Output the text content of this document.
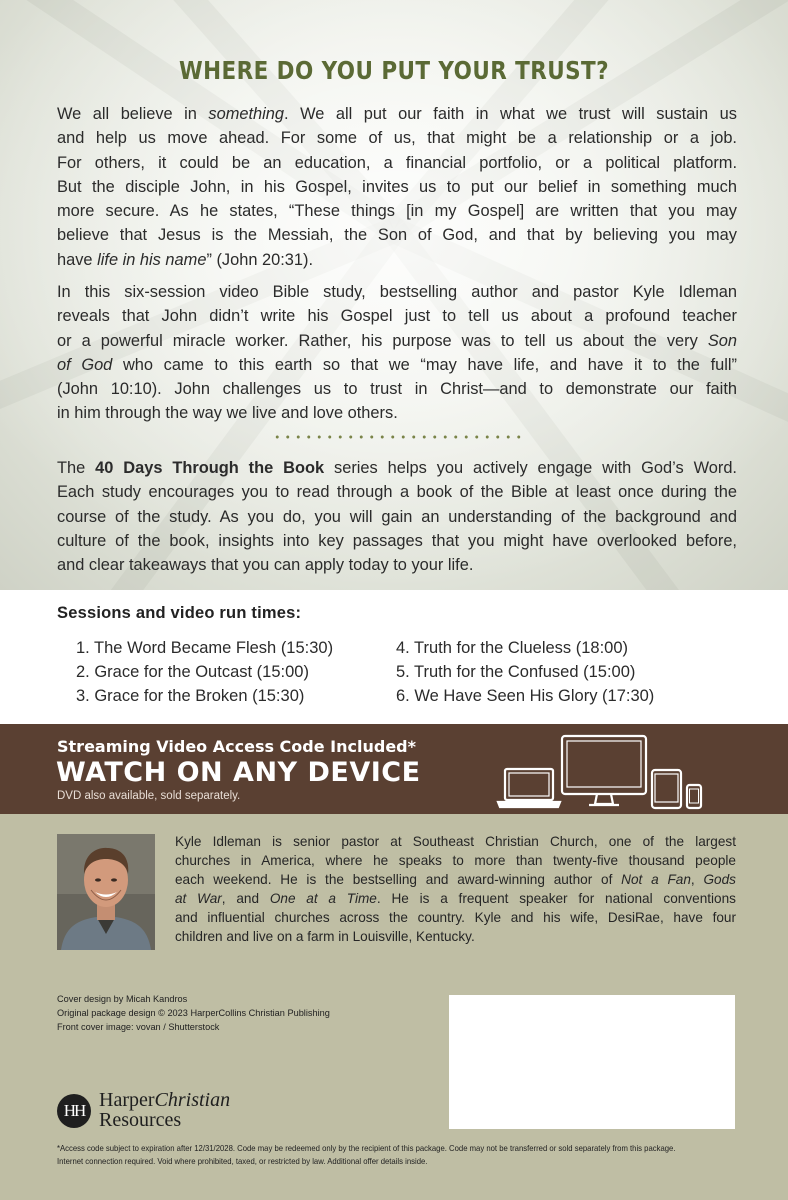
WHERE DO YOU PUT YOUR TRUST?
We all believe in something. We all put our faith in what we trust will sustain us
and help us move ahead. For some of us, that might be a relationship or a job.
For others, it could be an education, a financial portfolio, or a political platform.
But the disciple John, in his Gospel, invites us to put our belief in something much
more secure. As he states, “These things [in my Gospel] are written that you may
believe that Jesus is the Messiah, the Son of God, and that by believing you may
have life in his name” (John 20:31).
In this six-session video Bible study, bestselling author and pastor Kyle Idleman
reveals that John didn’t write his Gospel just to tell us about a profound teacher
or a powerful miracle worker. Rather, his purpose was to tell us about the very Son
of God who came to this earth so that we “may have life, and have it to the full”
(John 10:10). John challenges us to trust in Christ—and to demonstrate our faith
in him through the way we live and love others.
The 40 Days Through the Book series helps you actively engage with God’s Word.
Each study encourages you to read through a book of the Bible at least once during the
course of the study. As you do, you will gain an understanding of the background and
culture of the book, insights into key passages that you might have overlooked before,
and clear takeaways that you can apply today to your life.
Sessions and video run times:
1. The Word Became Flesh (15:30)
2. Grace for the Outcast (15:00)
3. Grace for the Broken (15:30)
4. Truth for the Clueless (18:00)
5. Truth for the Confused (15:00)
6. We Have Seen His Glory (17:30)
Streaming Video Access Code Included*
WATCH ON ANY DEVICE
DVD also available, sold separately.
Kyle Idleman is senior pastor at Southeast Christian Church, one of the largest
churches in America, where he speaks to more than twenty-five thousand people
each weekend. He is the bestselling and award-winning author of Not a Fan, Gods
at War, and One at a Time. He is a frequent speaker for national conventions
and influential churches across the country. Kyle and his wife, DesiRae, have four
children and live on a farm in Louisville, Kentucky.
Cover design by Micah Kandros
Original package design © 2023 HarperCollins Christian Publishing
Front cover image: vovan / Shutterstock
HH HarperChristian
Resources
*Access code subject to expiration after 12/31/2028. Code may be redeemed only by the recipient of this package. Code may not be transferred or sold separately from this package.
Internet connection required. Void where prohibited, taxed, or restricted by law. Additional offer details inside.
